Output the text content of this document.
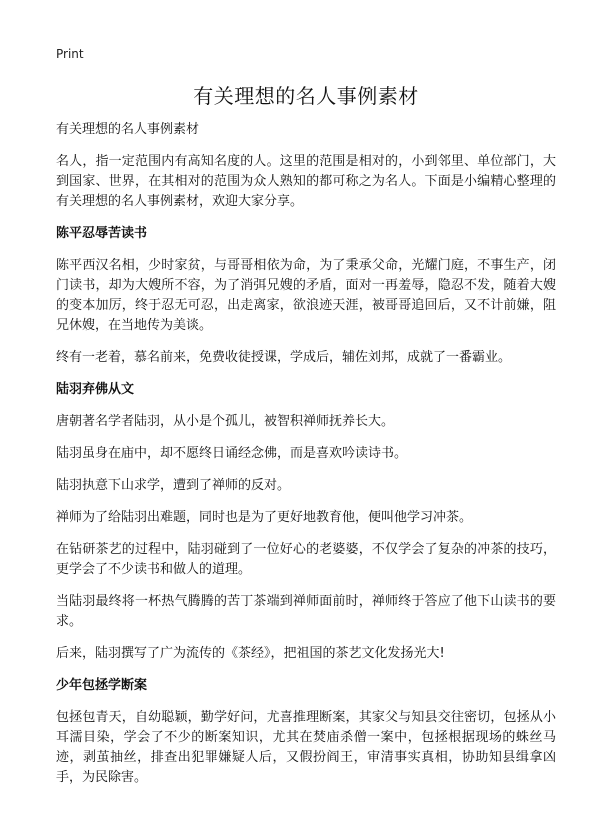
Print
有关理想的名人事例素材
有关理想的名人事例素材

名人，指一定范围内有高知名度的人。这里的范围是相对的，小到邻里、单位部门，大到国家、世界，在其相对的范围为众人熟知的都可称之为名人。下面是小编精心整理的有关理想的名人事例素材，欢迎大家分享。

陈平忍辱苦读书

陈平西汉名相，少时家贫，与哥哥相依为命，为了秉承父命，光耀门庭，不事生产，闭门读书，却为大嫂所不容，为了消弭兄嫂的矛盾，面对一再羞辱，隐忍不发，随着大嫂的变本加厉，终于忍无可忍，出走离家，欲浪迹天涯，被哥哥追回后，又不计前嫌，阻兄休嫂，在当地传为美谈。

终有一老着，慕名前来，免费收徒授课，学成后，辅佐刘邦，成就了一番霸业。

陆羽弃佛从文

唐朝著名学者陆羽，从小是个孤儿，被智积禅师抚养长大。

陆羽虽身在庙中，却不愿终日诵经念佛，而是喜欢吟读诗书。

陆羽执意下山求学，遭到了禅师的反对。

禅师为了给陆羽出难题，同时也是为了更好地教育他，便叫他学习冲茶。

在钻研茶艺的过程中，陆羽碰到了一位好心的老婆婆，不仅学会了复杂的冲茶的技巧，更学会了不少读书和做人的道理。

当陆羽最终将一杯热气腾腾的苦丁茶端到禅师面前时，禅师终于答应了他下山读书的要求。

后来，陆羽撰写了广为流传的《茶经》，把祖国的茶艺文化发扬光大!

少年包拯学断案

包拯包青天，自幼聪颖，勤学好问，尤喜推理断案，其家父与知县交往密切，包拯从小耳濡目染，学会了不少的断案知识，尤其在焚庙杀僧一案中，包拯根据现场的蛛丝马迹，剥茧抽丝，排查出犯罪嫌疑人后，又假扮阎王，审清事实真相，协助知县缉拿凶手，为民除害。
